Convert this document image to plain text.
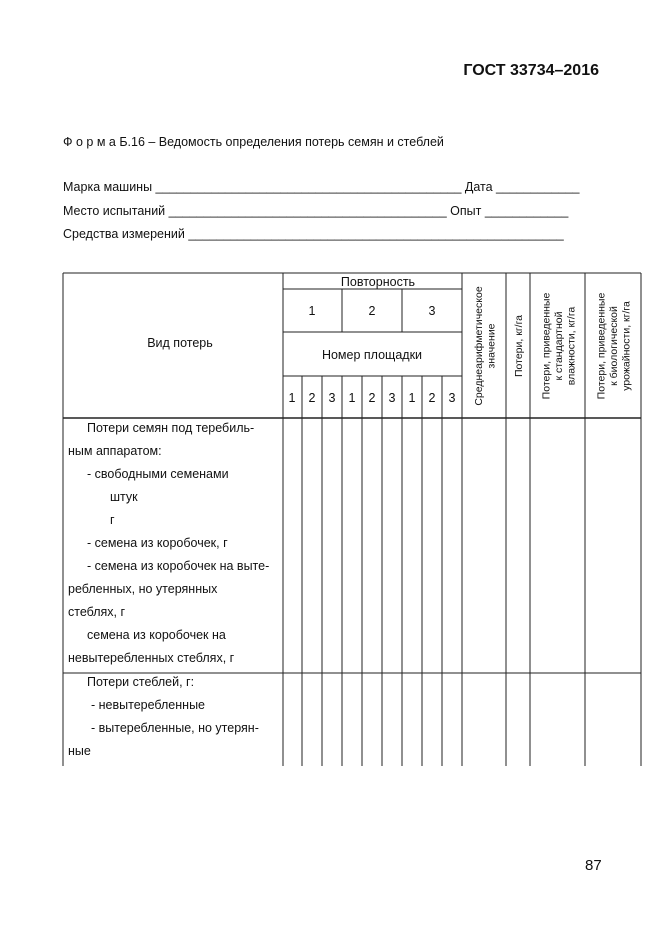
ГОСТ 33734–2016
Ф о р м а Б.16 – Ведомость определения потерь семян и стеблей
Марка машины ____________________________________________ Дата ____________
Место испытаний ________________________________________ Опыт ____________
Средства измерений ______________________________________________________
Вид потерь
Повторность
1	2	3
Номер площадки
1 2 3 1 2 3 1 2 3 Среднеарифметическое значение Потери, кг/га Потери, приведенные к стандартной влажности, кг/га Потери, приведенные к биологической урожайности, кг/га
Потери семян под теребиль-
ным аппаратом:
- свободными семенами
штук
г
- семена из коробочек, г
- семена из коробочек на выте-
ребленных, но утерянных
стеблях, г
семена из коробочек на
невытеребленных стеблях, г
Потери стеблей, г:
- невытеребленные
- вытеребленные, но утерян-
ные
87
